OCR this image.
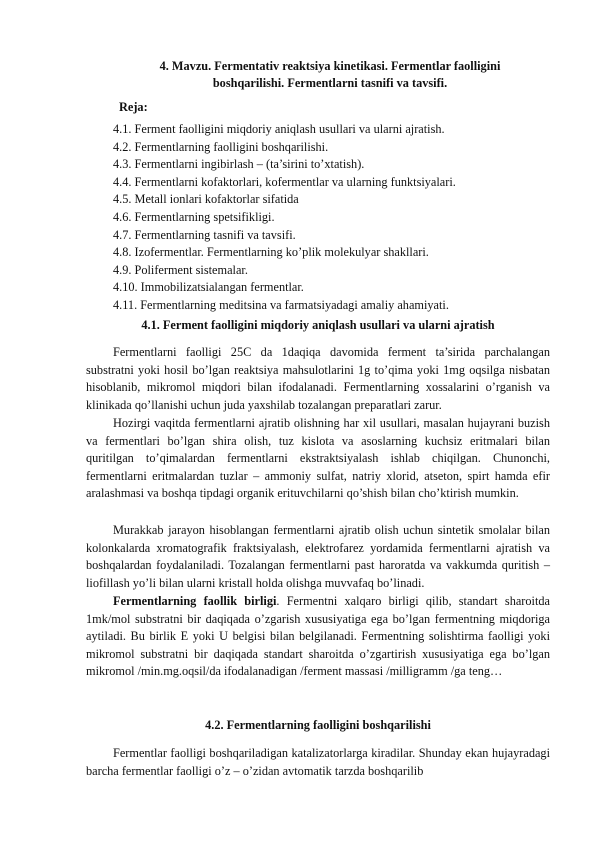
4. Mavzu. Fermentativ reaktsiya kinetikasi. Fermentlar faolligini
boshqarilishi. Fermentlarni tasnifi va tavsifi.
Reja:
4.1. Ferment faolligini miqdoriy aniqlash usullari va ularni ajratish.
4.2. Fermentlarning faolligini boshqarilishi.
4.3. Fermentlarni ingibirlash – (ta’sirini to’xtatish).
4.4. Fermentlarni kofaktorlari, kofermentlar va ularning funktsiyalari.
4.5. Metall ionlari kofaktorlar sifatida
4.6. Fermentlarning spetsifikligi.
4.7. Fermentlarning tasnifi va tavsifi.
4.8. Izofermentlar. Fermentlarning ko’plik molekulyar shakllari.
4.9. Poliferment sistemalar.
4.10. Immobilizatsialangan fermentlar.
4.11. Fermentlarning meditsina va farmatsiyadagi amaliy ahamiyati.
4.1. Ferment faolligini miqdoriy aniqlash usullari va ularni ajratish

Fermentlarni faolligi 25C da 1daqiqa davomida ferment ta’sirida parchalangan substratni yoki hosil bo’lgan reaktsiya mahsulotlarini 1g to’qima yoki 1mg oqsilga nisbatan hisoblanib, mikromol miqdori bilan ifodalanadi. Fermentlarning xossalarini o’rganish va klinikada qo’llanishi uchun juda yaxshilab tozalangan preparatlari zarur.

Hozirgi vaqitda fermentlarni ajratib olishning har xil usullari, masalan hujayrani buzish va fermentlari bo’lgan shira olish, tuz kislota va asoslarning kuchsiz eritmalari bilan quritilgan to’qimalardan fermentlarni ekstraktsiyalash ishlab chiqilgan. Chunonchi, fermentlarni eritmalardan tuzlar – ammoniy sulfat, natriy xlorid, atseton, spirt hamda efir aralashmasi va boshqa tipdagi organik erituvchilarni qo’shish bilan cho’ktirish mumkin.

Murakkab jarayon hisoblangan fermentlarni ajratib olish uchun sintetik smolalar bilan kolonkalarda xromatografik fraktsiyalash, elektrofarez yordamida fermentlarni ajratish va boshqalardan foydalaniladi. Tozalangan fermentlarni past haroratda va vakkumda quritish – liofillash yo’li bilan ularni kristall holda olishga muvvafaq bo’linadi.

Fermentlarning faollik birligi. Fermentni xalqaro birligi qilib, standart sharoitda 1mk/mol substratni bir daqiqada o’zgarish xususiyatiga ega bo’lgan fermentning miqdoriga aytiladi. Bu birlik E yoki U belgisi bilan belgilanadi. Fermentning solishtirma faolligi yoki mikromol substratni bir daqiqada standart sharoitda o’zgartirish xususiyatiga ega bo’lgan mikromol /min.mg.oqsil/da ifodalanadigan /ferment massasi /milligramm /ga teng…

4.2. Fermentlarning faolligini boshqarilishi

Fermentlar faolligi boshqariladigan katalizatorlarga kiradilar. Shunday ekan hujayradagi barcha fermentlar faolligi o’z – o’zidan avtomatik tarzda boshqarilib
